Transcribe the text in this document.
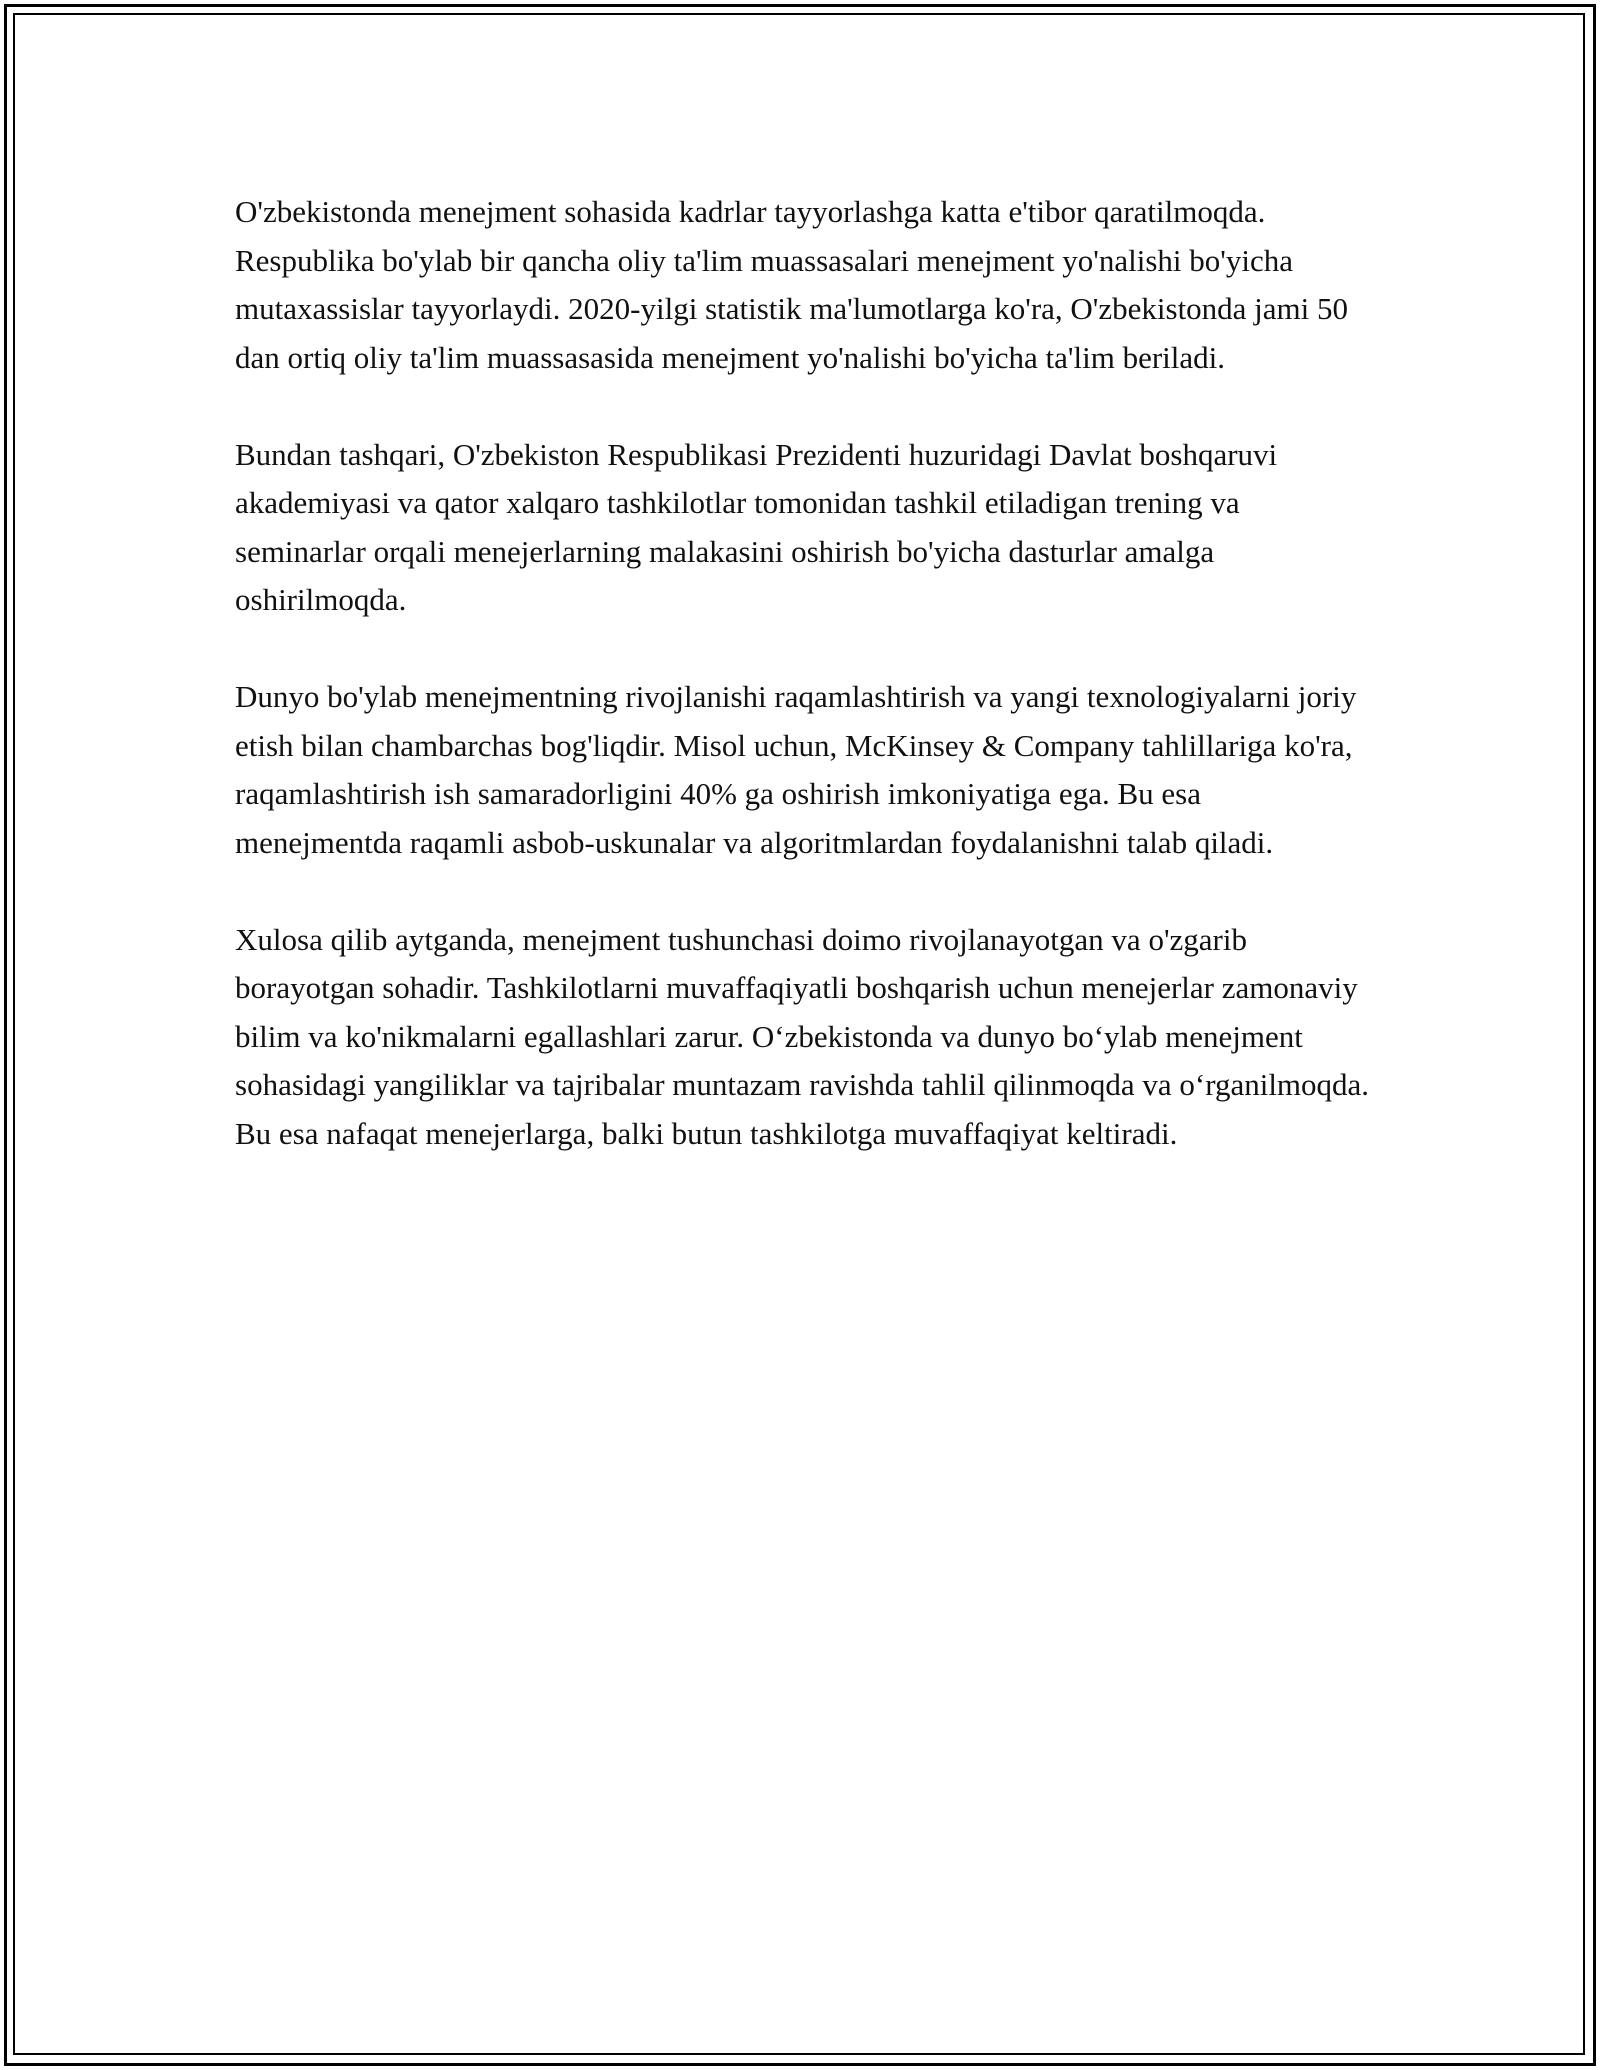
O'zbekistonda menejment sohasida kadrlar tayyorlashga katta e'tibor qaratilmoqda. Respublika bo'ylab bir qancha oliy ta'lim muassasalari menejment yo'nalishi bo'yicha mutaxassislar tayyorlaydi. 2020-yilgi statistik ma'lumotlarga ko'ra, O'zbekistonda jami 50 dan ortiq oliy ta'lim muassasasida menejment yo'nalishi bo'yicha ta'lim beriladi.

Bundan tashqari, O'zbekiston Respublikasi Prezidenti huzuridagi Davlat boshqaruvi akademiyasi va qator xalqaro tashkilotlar tomonidan tashkil etiladigan trening va seminarlar orqali menejerlarning malakasini oshirish bo'yicha dasturlar amalga oshirilmoqda.

Dunyo bo'ylab menejmentning rivojlanishi raqamlashtirish va yangi texnologiyalarni joriy etish bilan chambarchas bog'liqdir. Misol uchun, McKinsey & Company tahlillariga ko'ra, raqamlashtirish ish samaradorligini 40% ga oshirish imkoniyatiga ega. Bu esa menejmentda raqamli asbob-uskunalar va algoritmlardan foydalanishni talab qiladi.

Xulosa qilib aytganda, menejment tushunchasi doimo rivojlanayotgan va o'zgarib borayotgan sohadir. Tashkilotlarni muvaffaqiyatli boshqarish uchun menejerlar zamonaviy bilim va ko'nikmalarni egallashlari zarur. O‘zbekistonda va dunyo bo‘ylab menejment sohasidagi yangiliklar va tajribalar muntazam ravishda tahlil qilinmoqda va o‘rganilmoqda. Bu esa nafaqat menejerlarga, balki butun tashkilotga muvaffaqiyat keltiradi.
